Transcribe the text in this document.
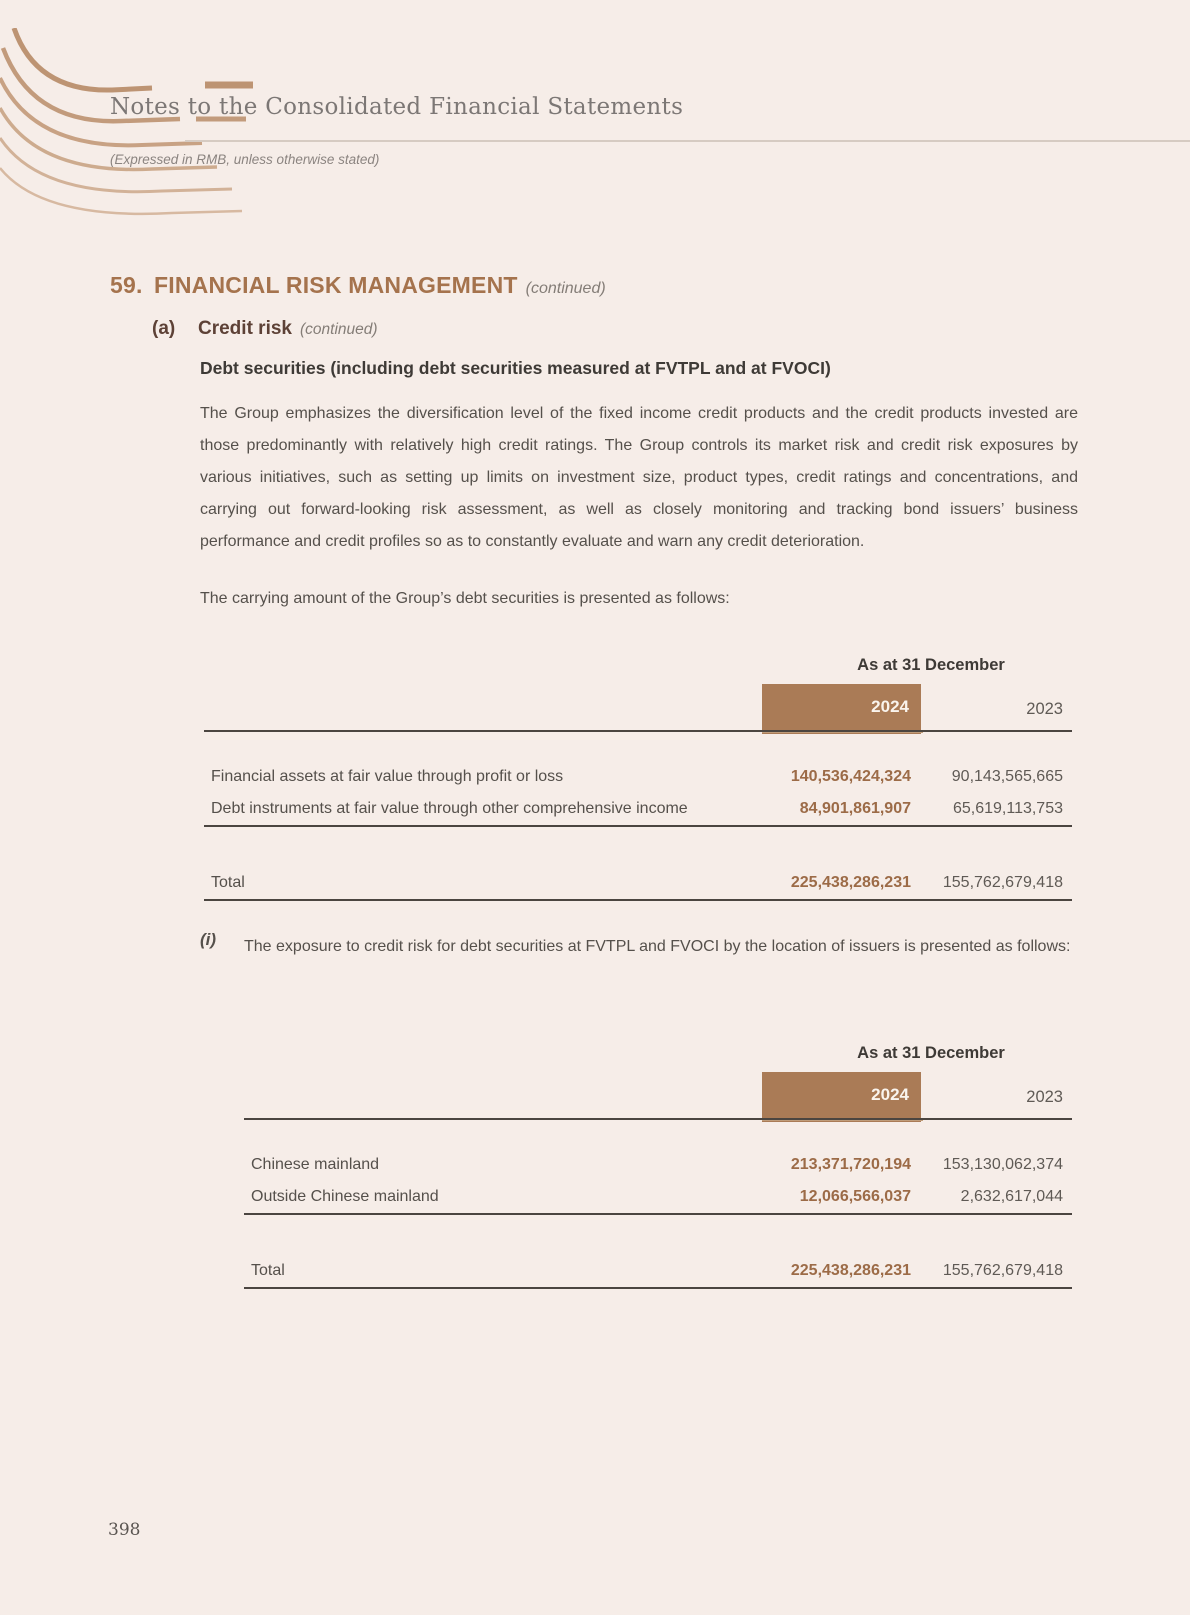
Notes to the Consolidated Financial Statements
(Expressed in RMB, unless otherwise stated)
59. FINANCIAL RISK MANAGEMENT (continued)
(a) Credit risk (continued)
Debt securities (including debt securities measured at FVTPL and at FVOCI)
The Group emphasizes the diversification level of the fixed income credit products and the credit products invested are those predominantly with relatively high credit ratings. The Group controls its market risk and credit risk exposures by various initiatives, such as setting up limits on investment size, product types, credit ratings and concentrations, and carrying out forward-looking risk assessment, as well as closely monitoring and tracking bond issuers’ business performance and credit profiles so as to constantly evaluate and warn any credit deterioration.
The carrying amount of the Group’s debt securities is presented as follows:
As at 31 December
2024	2023
Financial assets at fair value through profit or loss	140,536,424,324	90,143,565,665
Debt instruments at fair value through other comprehensive income	84,901,861,907	65,619,113,753
Total	225,438,286,231	155,762,679,418
(i) The exposure to credit risk for debt securities at FVTPL and FVOCI by the location of issuers is presented as follows:
As at 31 December
2024	2023
Chinese mainland	213,371,720,194	153,130,062,374
Outside Chinese mainland	12,066,566,037	2,632,617,044
Total	225,438,286,231	155,762,679,418
398
